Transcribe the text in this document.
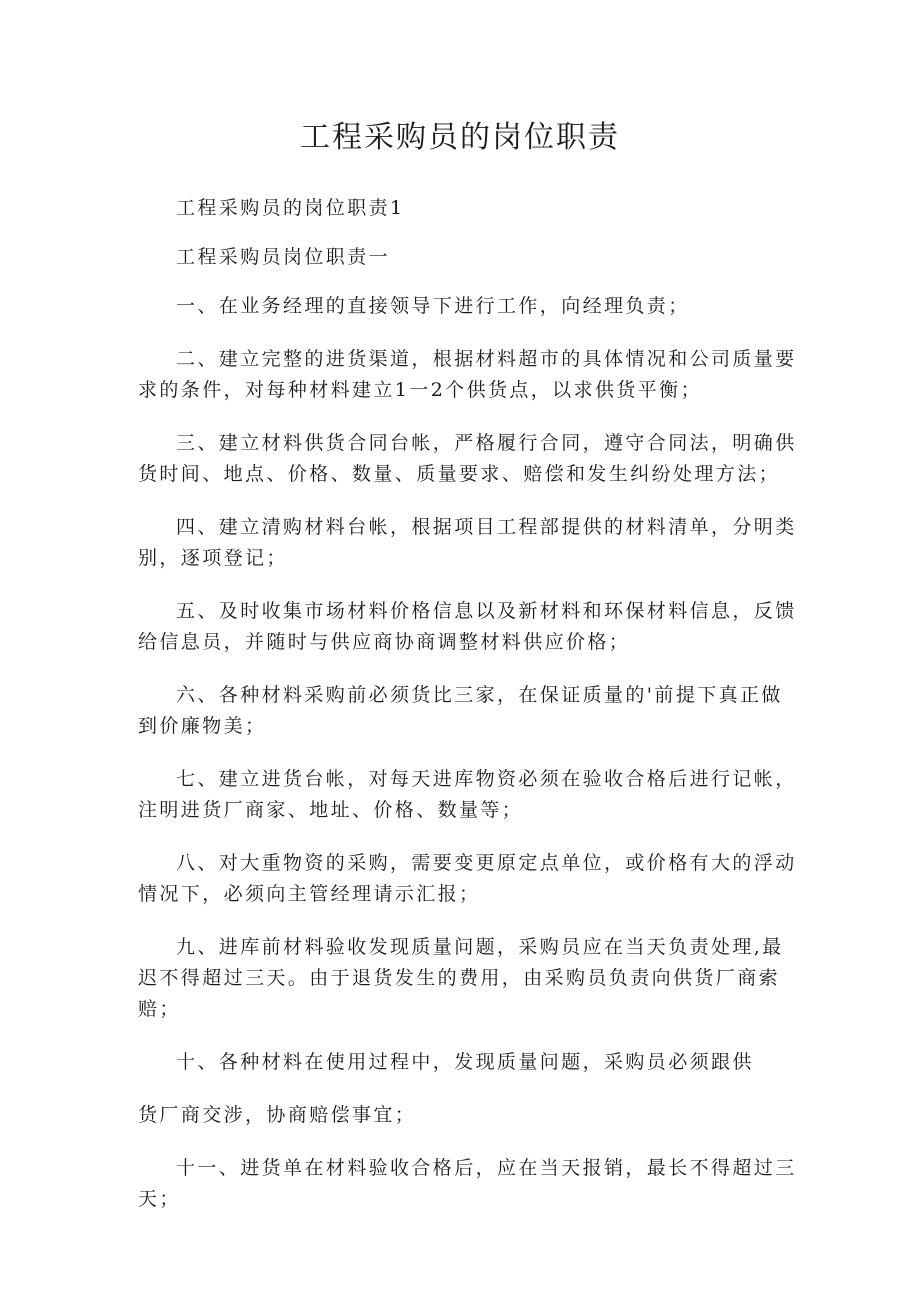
工程采购员的岗位职责

工程采购员的岗位职责1

工程采购员岗位职责一

一、在业务经理的直接领导下进行工作，向经理负责；

二、建立完整的进货渠道，根据材料超市的具体情况和公司质量要求的条件，对每种材料建立1一2个供货点，以求供货平衡；

三、建立材料供货合同台帐，严格履行合同，遵守合同法，明确供货时间、地点、价格、数量、质量要求、赔偿和发生纠纷处理方法；

四、建立清购材料台帐，根据项目工程部提供的材料清单，分明类别，逐项登记；

五、及时收集市场材料价格信息以及新材料和环保材料信息，反馈给信息员，并随时与供应商协商调整材料供应价格；

六、各种材料采购前必须货比三家，在保证质量的'前提下真正做到价廉物美；

七、建立进货台帐，对每天进库物资必须在验收合格后进行记帐，注明进货厂商家、地址、价格、数量等；

八、对大重物资的采购，需要变更原定点单位，或价格有大的浮动情况下，必须向主管经理请示汇报；

九、进库前材料验收发现质量问题，采购员应在当天负责处理,最迟不得超过三天。由于退货发生的费用，由采购员负责向供货厂商索赔；

十、各种材料在使用过程中，发现质量问题，采购员必须跟供

货厂商交涉，协商赔偿事宜；

十一、进货单在材料验收合格后，应在当天报销，最长不得超过三天；
